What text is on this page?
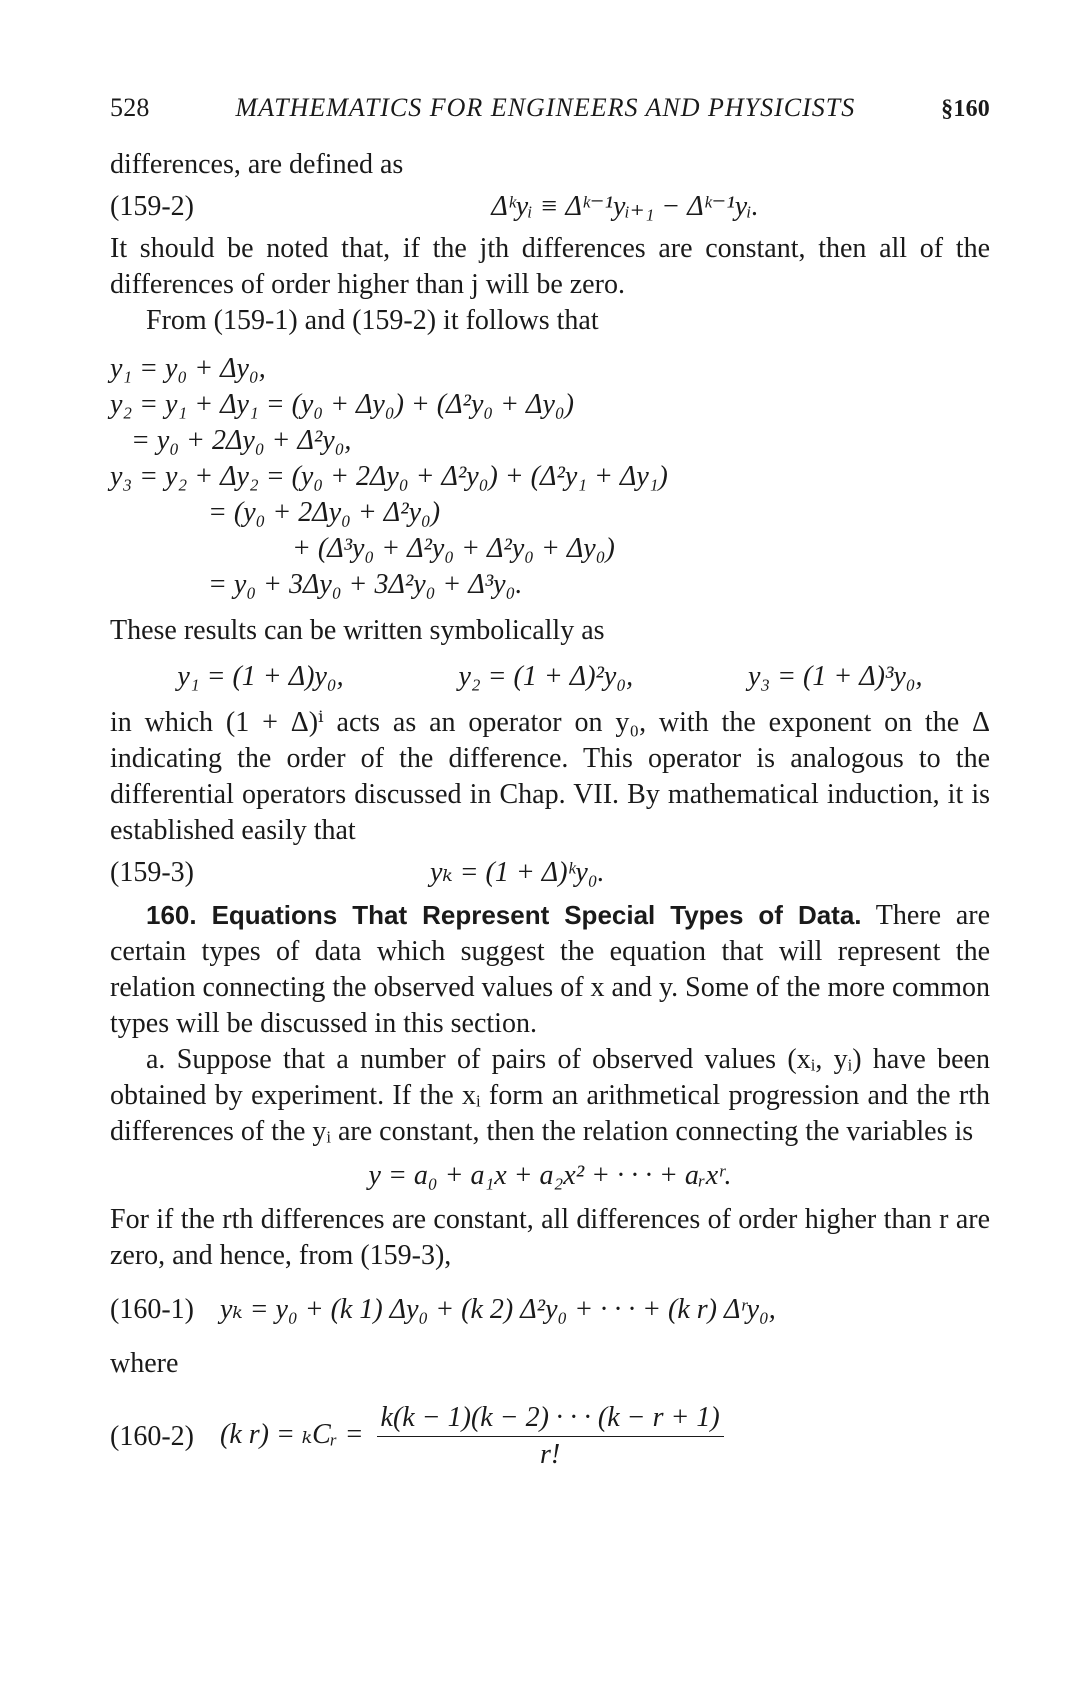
528	MATHEMATICS FOR ENGINEERS AND PHYSICISTS	§160

differences, are defined as

(159-2)	Δᵏyᵢ ≡ Δᵏ⁻¹yᵢ₊₁ − Δᵏ⁻¹yᵢ.

It should be noted that, if the jth differences are constant, then all of the differences of order higher than j will be zero.

From (159-1) and (159-2) it follows that

y₁ = y₀ + Δy₀,
y₂ = y₁ + Δy₁ = (y₀ + Δy₀) + (Δ²y₀ + Δy₀)
= y₀ + 2Δy₀ + Δ²y₀,
y₃ = y₂ + Δy₂ = (y₀ + 2Δy₀ + Δ²y₀) + (Δ²y₁ + Δy₁)
= (y₀ + 2Δy₀ + Δ²y₀)
+ (Δ³y₀ + Δ²y₀ + Δ²y₀ + Δy₀)
= y₀ + 3Δy₀ + 3Δ²y₀ + Δ³y₀.

These results can be written symbolically as

y₁ = (1 + Δ)y₀,	y₂ = (1 + Δ)²y₀,	y₃ = (1 + Δ)³y₀,

in which (1 + Δ)ⁱ acts as an operator on y₀, with the exponent on the Δ indicating the order of the difference. This operator is analogous to the differential operators discussed in Chap. VII. By mathematical induction, it is established easily that

(159-3)	yₖ = (1 + Δ)ᵏy₀.

160. Equations That Represent Special Types of Data. There are certain types of data which suggest the equation that will represent the relation connecting the observed values of x and y. Some of the more common types will be discussed in this section.

a. Suppose that a number of pairs of observed values (xᵢ, yᵢ) have been obtained by experiment. If the xᵢ form an arithmetical progression and the rth differences of the yᵢ are constant, then the relation connecting the variables is

y = a₀ + a₁x + a₂x² + · · · + aᵣxʳ.

For if the rth differences are constant, all differences of order higher than r are zero, and hence, from (159-3),

(160-1) yₖ = y₀ + (k 1) Δy₀ + (k 2) Δ²y₀ + · · · + (k r) Δʳy₀,

where

(160-2) (k r) = ₖCᵣ = $\frac{k(k - 1)(k - 2) \cdot \cdot \cdot (k - r + 1)}{r!}$
